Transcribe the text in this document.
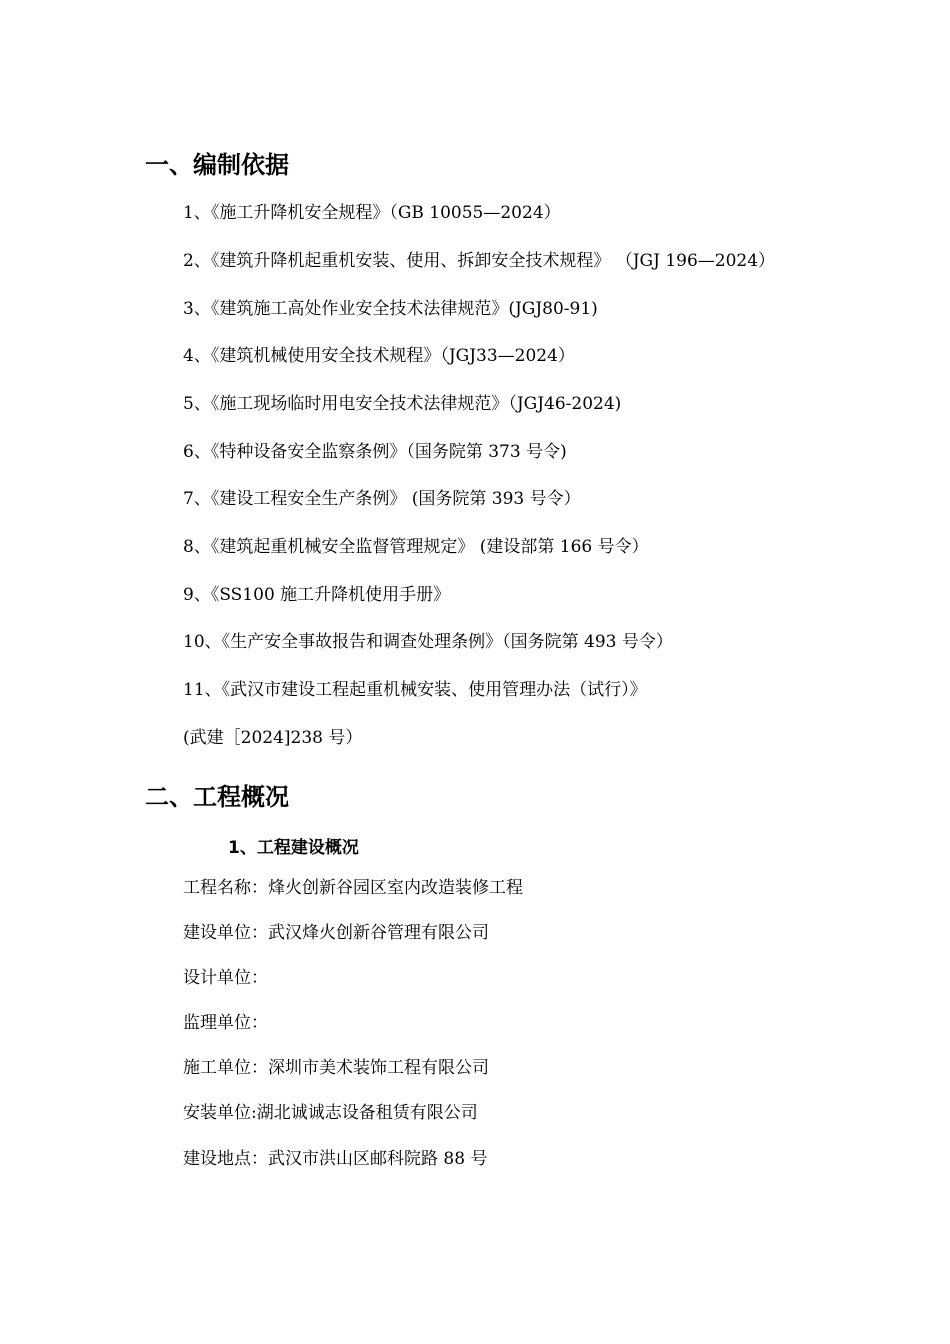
一、编制依据
1、《施工升降机安全规程》（GB 10055—2024）
2、《建筑升降机起重机安装、使用、拆卸安全技术规程》 （JGJ 196—2024）
3、《建筑施工高处作业安全技术法律规范》(JGJ80-91)
4、《建筑机械使用安全技术规程》（JGJ33—2024）
5、《施工现场临时用电安全技术法律规范》（JGJ46-2024)
6、《特种设备安全监察条例》（国务院第 373 号令)
7、《建设工程安全生产条例》 (国务院第 393 号令）
8、《建筑起重机械安全监督管理规定》 (建设部第 166 号令）
9、《SS100 施工升降机使用手册》
10、《生产安全事故报告和调查处理条例》（国务院第 493 号令）
11、《武汉市建设工程起重机械安装、使用管理办法（试行）》
(武建［2024]238 号）
二、工程概况
1、工程建设概况
工程名称：烽火创新谷园区室内改造装修工程
建设单位：武汉烽火创新谷管理有限公司
设计单位：
监理单位：
施工单位：深圳市美术装饰工程有限公司
安装单位:湖北诚诚志设备租赁有限公司
建设地点：武汉市洪山区邮科院路 88 号
